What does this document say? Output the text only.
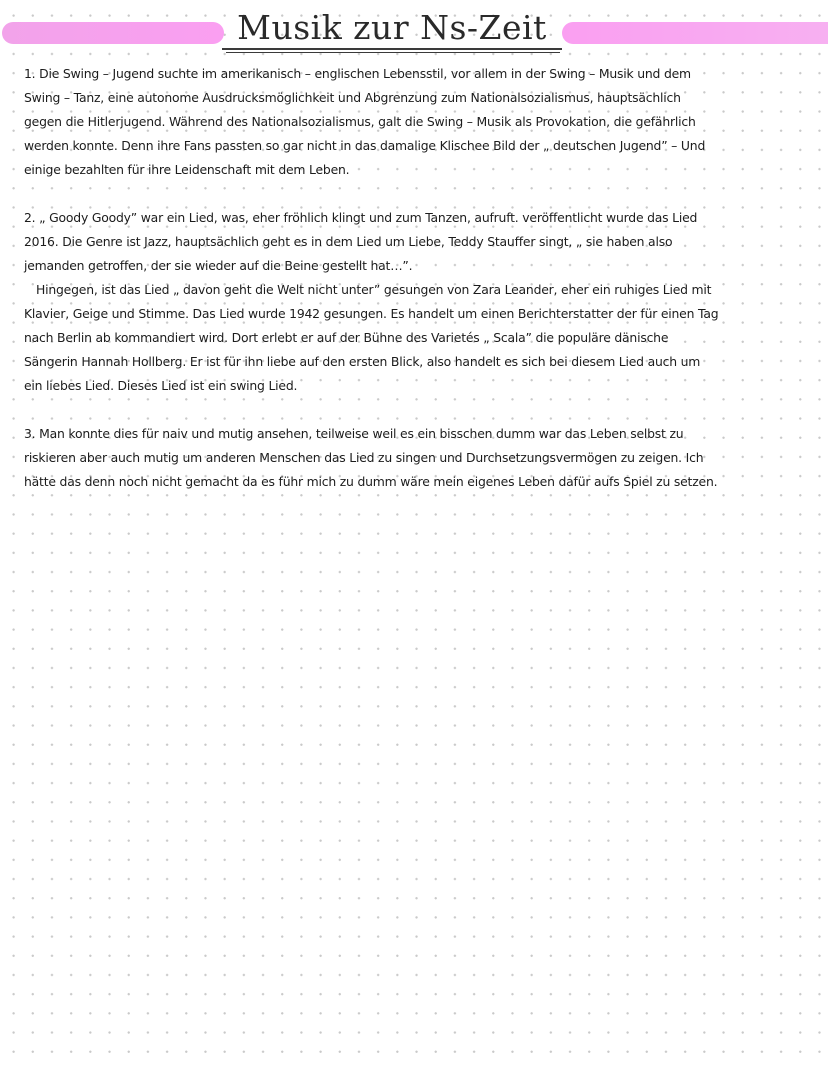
Musik zur Ns-Zeit

1. Die Swing – Jugend suchte im amerikanisch – englischen Lebensstil, vor allem in der Swing – Musik und dem Swing – Tanz, eine autonome Ausdrucksmöglichkeit und Abgrenzung zum Nationalsozialismus, hauptsächlich gegen die Hitlerjugend. Während des Nationalsozialismus, galt die Swing – Musik als Provokation, die gefährlich werden konnte. Denn ihre Fans passten so gar nicht in das damalige Klischee Bild der „ deutschen Jugend” – Und einige bezahlten für ihre Leidenschaft mit dem Leben.

2. „ Goody Goody” war ein Lied, was, eher fröhlich klingt und zum Tanzen, aufruft. veröffentlicht wurde das Lied 2016. Die Genre ist Jazz, hauptsächlich geht es in dem Lied um Liebe, Teddy Stauffer singt, „ sie haben also jemanden getroffen, der sie wieder auf die Beine gestellt hat…”.

Hingegen, ist das Lied „ davon geht die Welt nicht unter” gesungen von Zara Leander, eher ein ruhiges Lied mit Klavier, Geige und Stimme. Das Lied wurde 1942 gesungen. Es handelt um einen Berichterstatter der für einen Tag nach Berlin ab kommandiert wird. Dort erlebt er auf der Bühne des Varietés „ Scala” die populäre dänische Sängerin Hannah Hollberg. Er ist für ihn liebe auf den ersten Blick, also handelt es sich bei diesem Lied auch um ein liebes Lied. Dieses Lied ist ein swing Lied.

3. Man konnte dies für naiv und mutig ansehen, teilweise weil es ein bisschen dumm war das Leben selbst zu riskieren aber auch mutig um anderen Menschen das Lied zu singen und Durchsetzungsvermögen zu zeigen. Ich hätte das denn noch nicht gemacht da es führ mich zu dumm wäre mein eigenes Leben dafür aufs Spiel zu setzen.
